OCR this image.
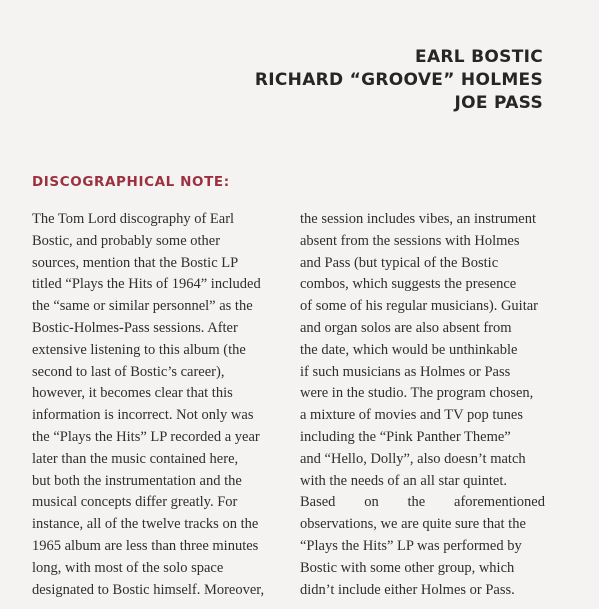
EARL BOSTIC
RICHARD “GROOVE” HOLMES
JOE PASS
DISCOGRAPHICAL NOTE:
The Tom Lord discography of Earl
Bostic, and probably some other
sources, mention that the Bostic LP
titled “Plays the Hits of 1964” included
the “same or similar personnel” as the
Bostic-Holmes-Pass sessions. After
extensive listening to this album (the
second to last of Bostic’s career),
however, it becomes clear that this
information is incorrect. Not only was
the “Plays the Hits” LP recorded a year
later than the music contained here,
but both the instrumentation and the
musical concepts differ greatly. For
instance, all of the twelve tracks on the
1965 album are less than three minutes
long, with most of the solo space
designated to Bostic himself. Moreover,
the session includes vibes, an instrument
absent from the sessions with Holmes
and Pass (but typical of the Bostic
combos, which suggests the presence
of some of his regular musicians). Guitar
and organ solos are also absent from
the date, which would be unthinkable
if such musicians as Holmes or Pass
were in the studio. The program chosen,
a mixture of movies and TV pop tunes
including the “Pink Panther Theme”
and “Hello, Dolly”, also doesn’t match
with the needs of an all star quintet.
Based on the aforementioned
observations, we are quite sure that the
“Plays the Hits” LP was performed by
Bostic with some other group, which
didn’t include either Holmes or Pass.
